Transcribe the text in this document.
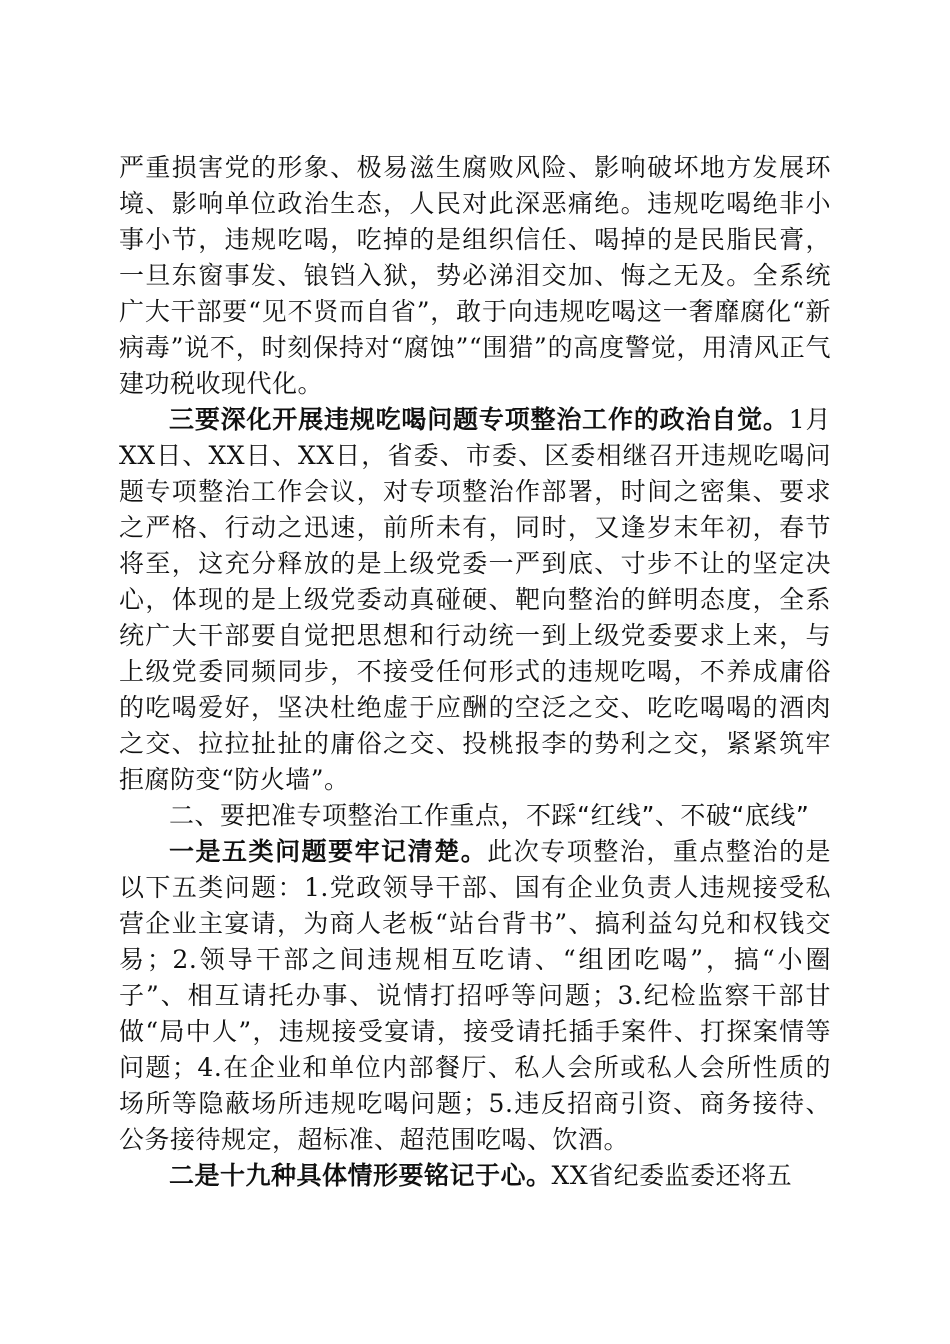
严重损害党的形象、极易滋生腐败风险、影响破坏地方发展环境、影响单位政治生态，人民对此深恶痛绝。违规吃喝绝非小事小节，违规吃喝，吃掉的是组织信任、喝掉的是民脂民膏，一旦东窗事发、锒铛入狱，势必涕泪交加、悔之无及。全系统广大干部要“见不贤而自省”，敢于向违规吃喝这一奢靡腐化“新病毒”说不，时刻保持对“腐蚀”“围猎”的高度警觉，用清风正气建功税收现代化。

三要深化开展违规吃喝问题专项整治工作的政治自觉。1月XX日、XX日、XX日，省委、市委、区委相继召开违规吃喝问题专项整治工作会议，对专项整治作部署，时间之密集、要求之严格、行动之迅速，前所未有，同时，又逢岁末年初，春节将至，这充分释放的是上级党委一严到底、寸步不让的坚定决心，体现的是上级党委动真碰硬、靶向整治的鲜明态度，全系统广大干部要自觉把思想和行动统一到上级党委要求上来，与上级党委同频同步，不接受任何形式的违规吃喝，不养成庸俗的吃喝爱好，坚决杜绝虚于应酬的空泛之交、吃吃喝喝的酒肉之交、拉拉扯扯的庸俗之交、投桃报李的势利之交，紧紧筑牢拒腐防变“防火墙”。

二、要把准专项整治工作重点，不踩“红线”、不破“底线”

一是五类问题要牢记清楚。此次专项整治，重点整治的是以下五类问题：1.党政领导干部、国有企业负责人违规接受私营企业主宴请，为商人老板“站台背书”、搞利益勾兑和权钱交易；2.领导干部之间违规相互吃请、“组团吃喝”，搞“小圈子”、相互请托办事、说情打招呼等问题；3.纪检监察干部甘做“局中人”，违规接受宴请，接受请托插手案件、打探案情等问题；4.在企业和单位内部餐厅、私人会所或私人会所性质的场所等隐蔽场所违规吃喝问题；5.违反招商引资、商务接待、公务接待规定，超标准、超范围吃喝、饮酒。

二是十九种具体情形要铭记于心。XX省纪委监委还将五
